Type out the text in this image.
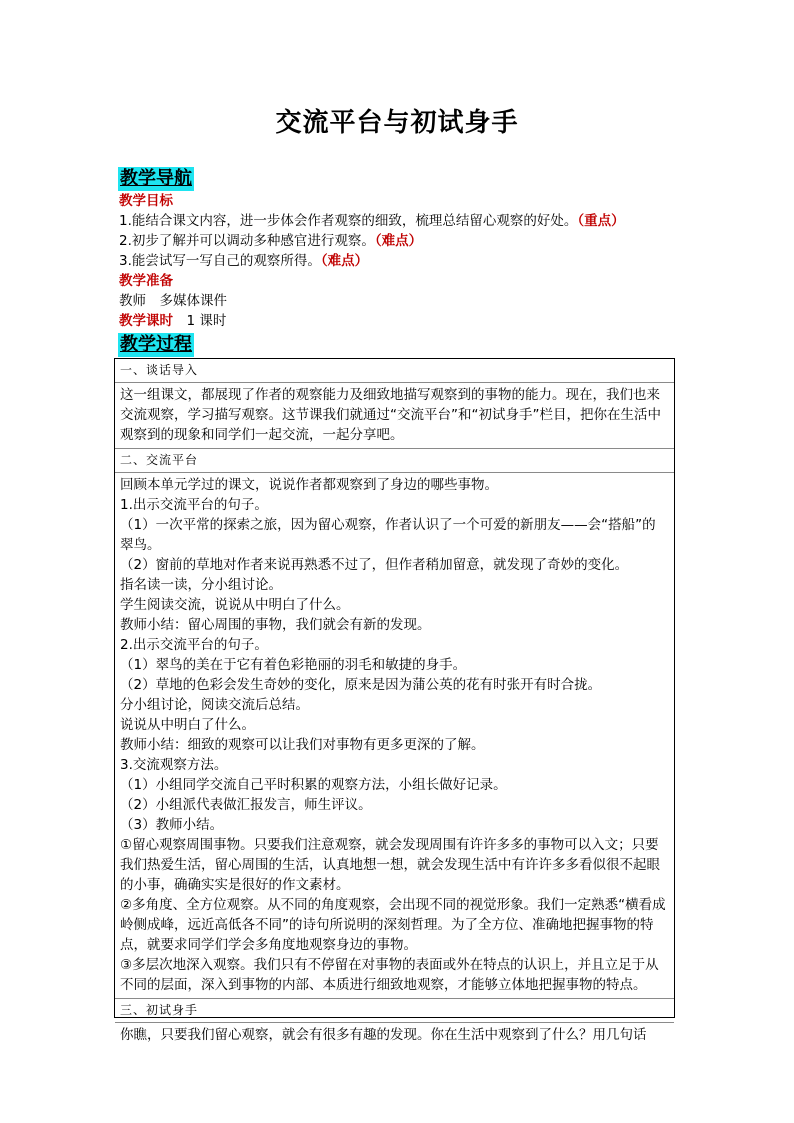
交流平台与初试身手
教学导航
教学目标
1.能结合课文内容，进一步体会作者观察的细致，梳理总结留心观察的好处。（重点）
2.初步了解并可以调动多种感官进行观察。（难点）
3.能尝试写一写自己的观察所得。（难点）
教学准备
教师　多媒体课件
教学课时　1 课时
教学过程
一、谈话导入

这一组课文，都展现了作者的观察能力及细致地描写观察到的事物的能力。现在，我们也来交流观察，学习描写观察。这节课我们就通过“交流平台”和“初试身手”栏目，把你在生活中观察到的现象和同学们一起交流，一起分享吧。

二、交流平台

回顾本单元学过的课文，说说作者都观察到了身边的哪些事物。

1.出示交流平台的句子。

（1）一次平常的探索之旅，因为留心观察，作者认识了一个可爱的新朋友——会“搭船”的翠鸟。

（2）窗前的草地对作者来说再熟悉不过了，但作者稍加留意，就发现了奇妙的变化。

指名读一读，分小组讨论。

学生阅读交流，说说从中明白了什么。

教师小结：留心周围的事物，我们就会有新的发现。

2.出示交流平台的句子。

（1）翠鸟的美在于它有着色彩艳丽的羽毛和敏捷的身手。

（2）草地的色彩会发生奇妙的变化，原来是因为蒲公英的花有时张开有时合拢。

分小组讨论，阅读交流后总结。

说说从中明白了什么。

教师小结：细致的观察可以让我们对事物有更多更深的了解。

3.交流观察方法。

（1）小组同学交流自己平时积累的观察方法，小组长做好记录。

（2）小组派代表做汇报发言，师生评议。

（3）教师小结。

①留心观察周围事物。只要我们注意观察，就会发现周围有许许多多的事物可以入文；只要我们热爱生活，留心周围的生活，认真地想一想，就会发现生活中有许许多多看似很不起眼的小事，确确实实是很好的作文素材。

②多角度、全方位观察。从不同的角度观察，会出现不同的视觉形象。我们一定熟悉“横看成岭侧成峰，远近高低各不同”的诗句所说明的深刻哲理。为了全方位、准确地把握事物的特点，就要求同学们学会多角度地观察身边的事物。

③多层次地深入观察。我们只有不停留在对事物的表面或外在特点的认识上，并且立足于从不同的层面，深入到事物的内部、本质进行细致地观察，才能够立体地把握事物的特点。

三、初试身手

你瞧，只要我们留心观察，就会有很多有趣的发现。你在生活中观察到了什么？用几句话
